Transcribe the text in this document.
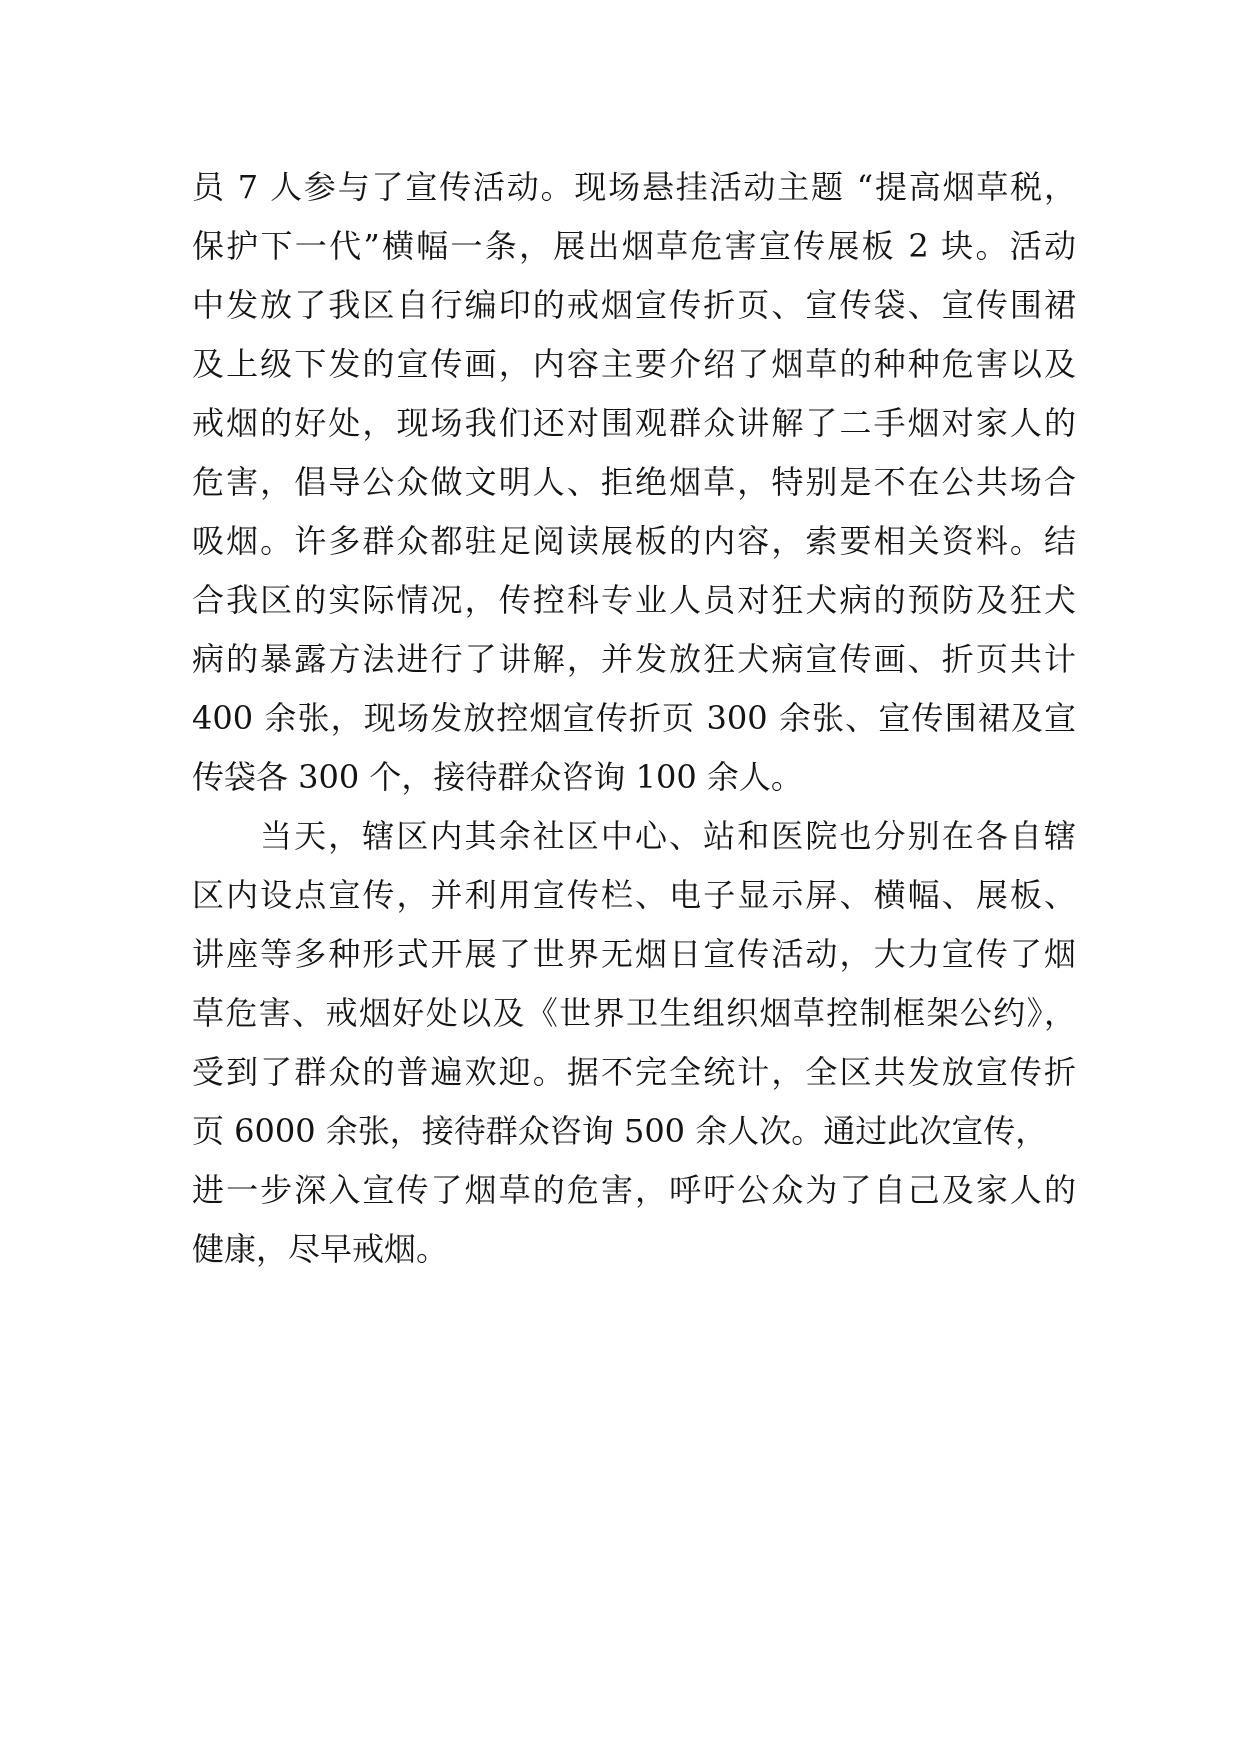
员 7 人参与了宣传活动。现场悬挂活动主题 “提高烟草税，
保护下一代”横幅一条，展出烟草危害宣传展板 2 块。活动
中发放了我区自行编印的戒烟宣传折页、宣传袋、宣传围裙
及上级下发的宣传画，内容主要介绍了烟草的种种危害以及
戒烟的好处，现场我们还对围观群众讲解了二手烟对家人的
危害，倡导公众做文明人、拒绝烟草，特别是不在公共场合
吸烟。许多群众都驻足阅读展板的内容，索要相关资料。结
合我区的实际情况，传控科专业人员对狂犬病的预防及狂犬
病的暴露方法进行了讲解，并发放狂犬病宣传画、折页共计
400 余张，现场发放控烟宣传折页 300 余张、宣传围裙及宣
传袋各 300 个，接待群众咨询 100 余人。
当天，辖区内其余社区中心、站和医院也分别在各自辖
区内设点宣传，并利用宣传栏、电子显示屏、横幅、展板、
讲座等多种形式开展了世界无烟日宣传活动，大力宣传了烟
草危害、戒烟好处以及《世界卫生组织烟草控制框架公约》，
受到了群众的普遍欢迎。据不完全统计，全区共发放宣传折
页 6000 余张，接待群众咨询 500 余人次。通过此次宣传，
进一步深入宣传了烟草的危害，呼吁公众为了自己及家人的
健康，尽早戒烟。
